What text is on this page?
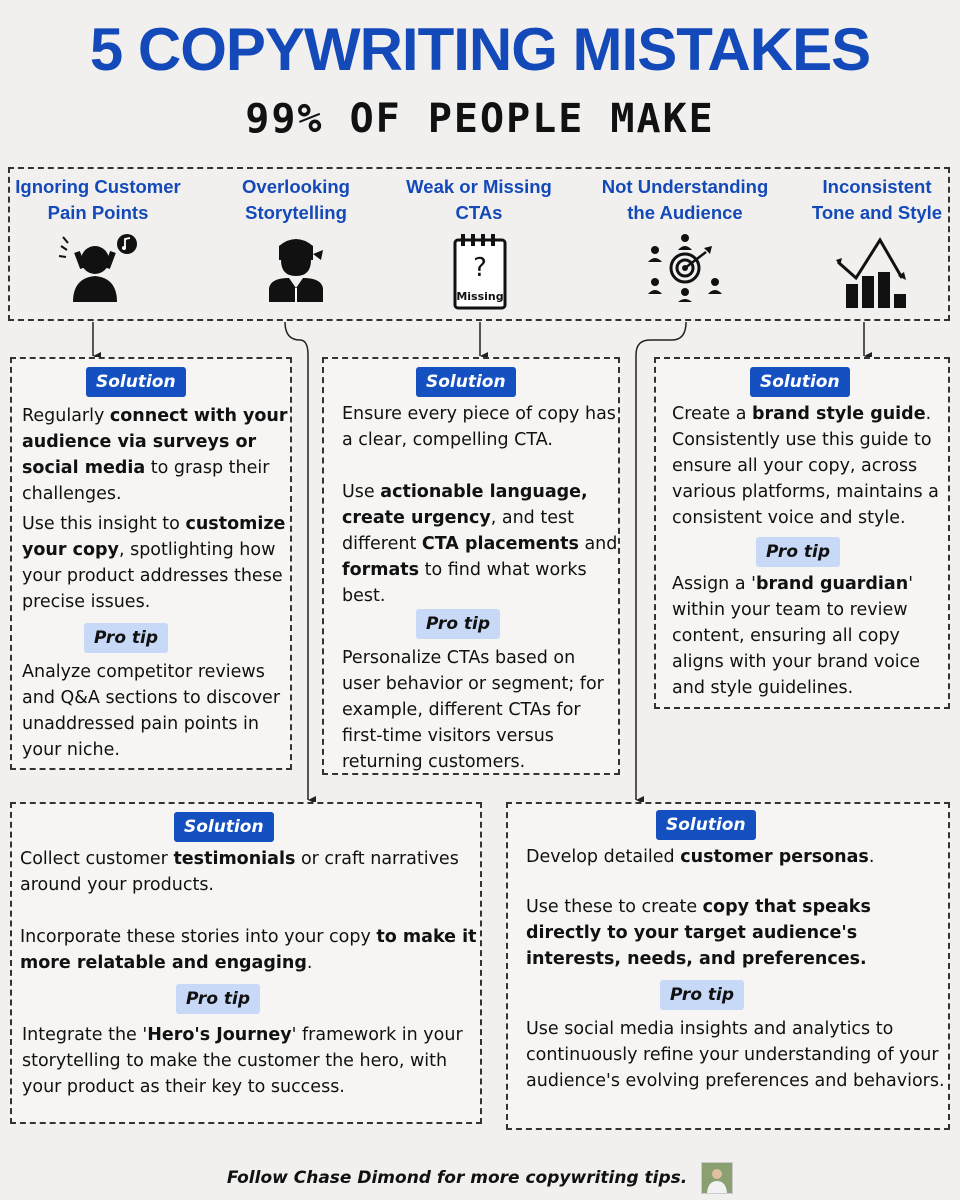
5 COPYWRITING MISTAKES
99% OF PEOPLE MAKE
Ignoring Customer
Pain Points
Overlooking
Storytelling
Weak or Missing
CTAs
?
Missing
Not Understanding
the Audience
Inconsistent
Tone and Style
Solution
Regularly connect with your audience via surveys or social media to grasp their challenges.
Use this insight to customize your copy, spotlighting how your product addresses these precise issues.
Pro tip
Analyze competitor reviews and Q&A sections to discover unaddressed pain points in your niche.
Solution
Ensure every piece of copy has a clear, compelling CTA.
Use actionable language, create urgency, and test different CTA placements and formats to find what works best.
Pro tip
Personalize CTAs based on user behavior or segment; for example, different CTAs for first-time visitors versus returning customers.
Solution
Create a brand style guide. Consistently use this guide to ensure all your copy, across various platforms, maintains a consistent voice and style.
Pro tip
Assign a 'brand guardian' within your team to review content, ensuring all copy aligns with your brand voice and style guidelines.
Solution
Collect customer testimonials or craft narratives around your products.
Incorporate these stories into your copy to make it more relatable and engaging.
Pro tip
Integrate the 'Hero's Journey' framework in your storytelling to make the customer the hero, with your product as their key to success.
Solution
Develop detailed customer personas.
Use these to create copy that speaks directly to your target audience's interests, needs, and preferences.
Pro tip
Use social media insights and analytics to continuously refine your understanding of your audience's evolving preferences and behaviors.
Follow Chase Dimond for more copywriting tips.
